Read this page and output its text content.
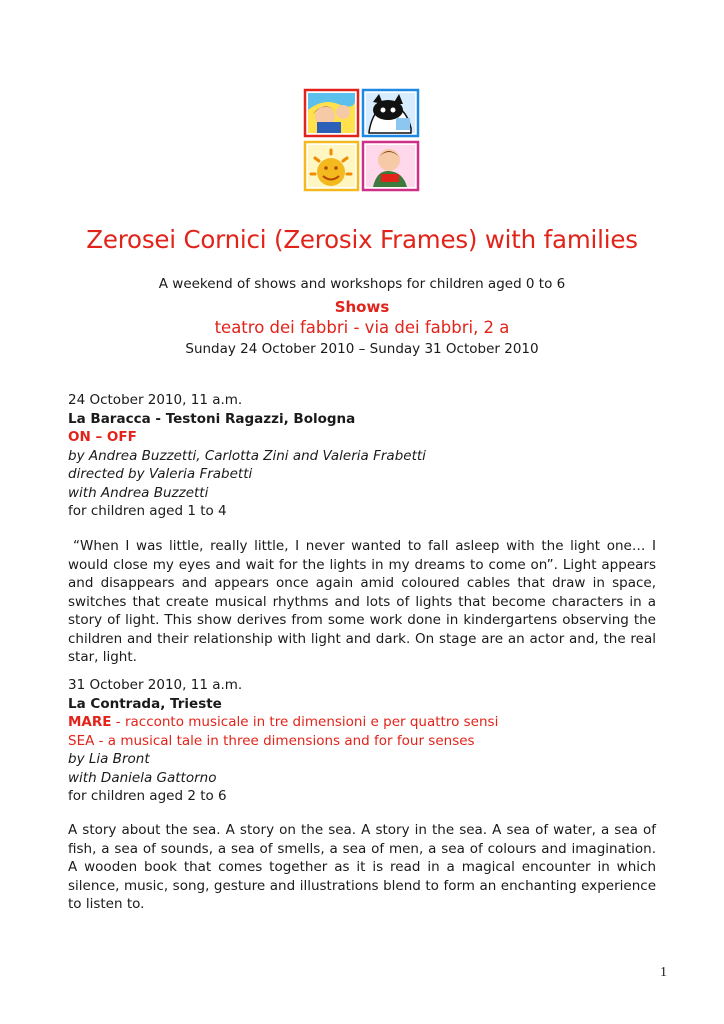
Zerosei Cornici (Zerosix Frames) with families
A weekend of shows and workshops for children aged 0 to 6
Shows
teatro dei fabbri - via dei fabbri, 2 a
Sunday 24 October 2010 – Sunday 31 October 2010
24 October 2010, 11 a.m.
La Baracca - Testoni Ragazzi, Bologna
ON – OFF
by Andrea Buzzetti, Carlotta Zini and Valeria Frabetti
directed by Valeria Frabetti
with Andrea Buzzetti
for children aged 1 to 4
“When I was little, really little, I never wanted to fall asleep with the light one… I would close my eyes and wait for the lights in my dreams to come on”. Light appears and disappears and appears once again amid coloured cables that draw in space, switches that create musical rhythms and lots of lights that become characters in a story of light. This show derives from some work done in kindergartens observing the children and their relationship with light and dark. On stage are an actor and, the real star, light.
31 October 2010, 11 a.m.
La Contrada, Trieste
MARE - racconto musicale in tre dimensioni e per quattro sensi
SEA - a musical tale in three dimensions and for four senses
by Lia Bront
with Daniela Gattorno
for children aged 2 to 6
A story about the sea. A story on the sea. A story in the sea. A sea of water, a sea of fish, a sea of sounds, a sea of smells, a sea of men, a sea of colours and imagination. A wooden book that comes together as it is read in a magical encounter in which silence, music, song, gesture and illustrations blend to form an enchanting experience to listen to.
1
